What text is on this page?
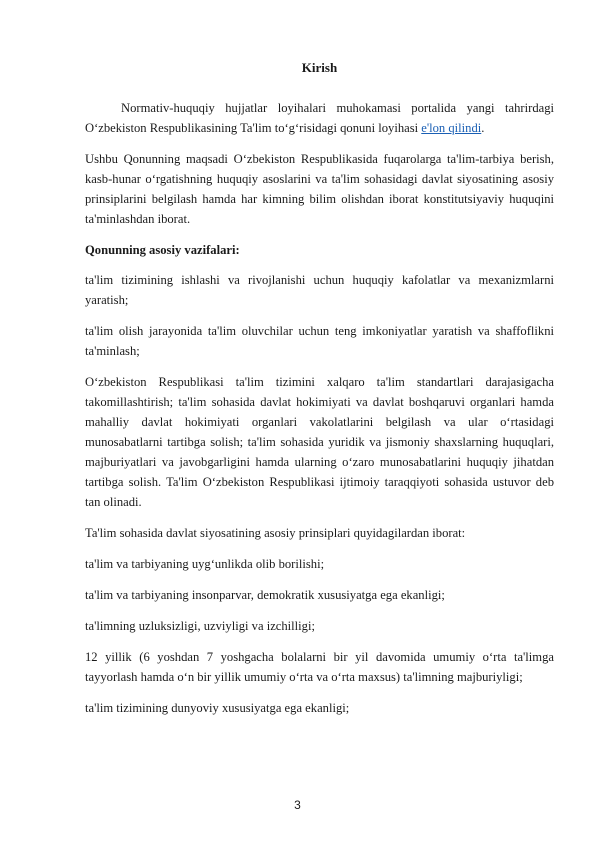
Kirish

Normativ-huquqiy hujjatlar loyihalari muhokamasi portalida yangi tahrirdagi O‘zbekiston Respublikasining Ta'lim to‘g‘risidagi qonuni loyihasi e'lon qilindi.

Ushbu Qonunning maqsadi O‘zbekiston Respublikasida fuqarolarga ta'lim-tarbiya berish, kasb-hunar o‘rgatishning huquqiy asoslarini va ta'lim sohasidagi davlat siyosatining asosiy prinsiplarini belgilash hamda har kimning bilim olishdan iborat konstitutsiyaviy huquqini ta'minlashdan iborat.

Qonunning asosiy vazifalari:

ta'lim tizimining ishlashi va rivojlanishi uchun huquqiy kafolatlar va mexanizmlarni yaratish;

ta'lim olish jarayonida ta'lim oluvchilar uchun teng imkoniyatlar yaratish va shaffoflikni ta'minlash;

O‘zbekiston Respublikasi ta'lim tizimini xalqaro ta'lim standartlari darajasigacha takomillashtirish; ta'lim sohasida davlat hokimiyati va davlat boshqaruvi organlari hamda mahalliy davlat hokimiyati organlari vakolatlarini belgilash va ular o‘rtasidagi munosabatlarni tartibga solish; ta'lim sohasida yuridik va jismoniy shaxslarning huquqlari, majburiyatlari va javobgarligini hamda ularning o‘zaro munosabatlarini huquqiy jihatdan tartibga solish. Ta'lim O‘zbekiston Respublikasi ijtimoiy taraqqiyoti sohasida ustuvor deb tan olinadi.

Ta'lim sohasida davlat siyosatining asosiy prinsiplari quyidagilardan iborat:

ta'lim va tarbiyaning uyg‘unlikda olib borilishi;

ta'lim va tarbiyaning insonparvar, demokratik xususiyatga ega ekanligi;

ta'limning uzluksizligi, uzviyligi va izchilligi;

12 yillik (6 yoshdan 7 yoshgacha bolalarni bir yil davomida umumiy o‘rta ta'limga tayyorlash hamda o‘n bir yillik umumiy o‘rta va o‘rta maxsus) ta'limning majburiyligi;

ta'lim tizimining dunyoviy xususiyatga ega ekanligi;

3
